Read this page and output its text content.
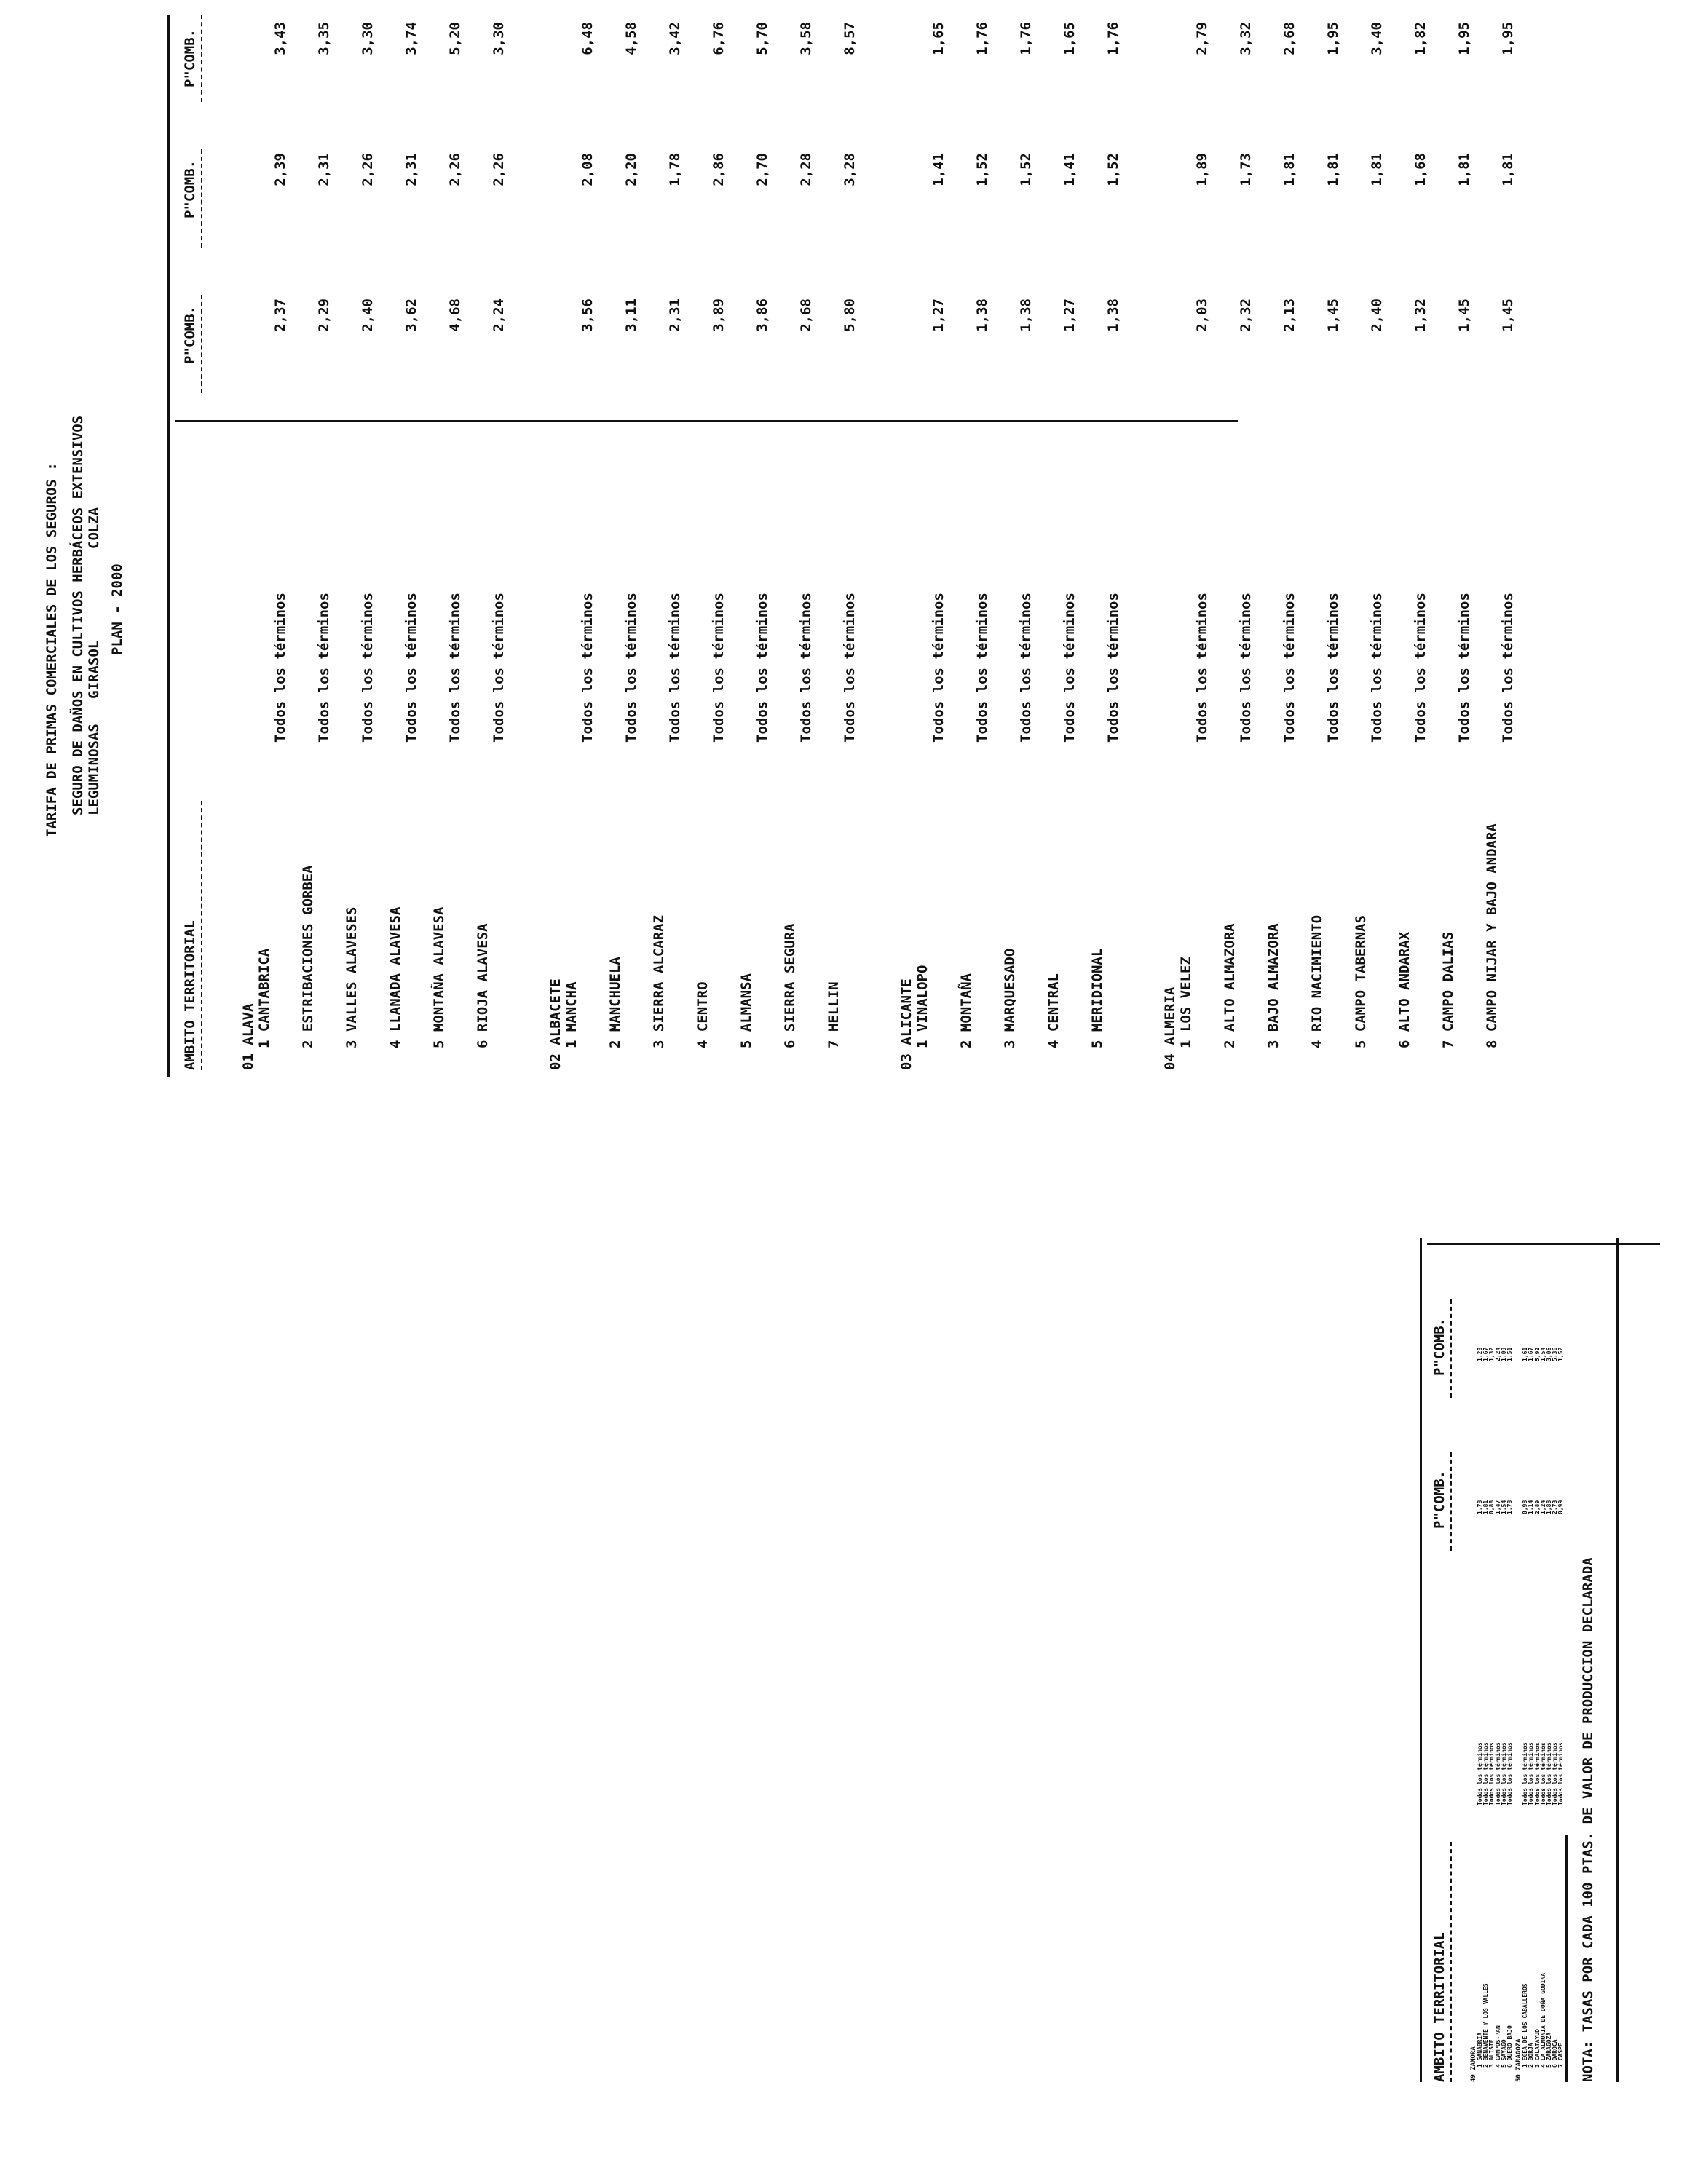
TARIFA DE PRIMAS COMERCIALES DE LOS SEGUROS : SEGURO DE DAÑOS EN CULTIVOS HERBÁCEOS EXTENSIVOS LEGUMINOSAS   GIRASOL           COLZA PLAN - 2000
AMBITO TERRITORIAL
P"COMB.
P"COMB.
P"COMB.
01 ALAVA 1 CANTABRICA
Todos los términos
2,37
2,39
3,43
2 ESTRIBACIONES GORBEA
Todos los términos
2,29
2,31
3,35
3 VALLES ALAVESES
Todos los términos
2,40
2,26
3,30
4 LLANADA ALAVESA
Todos los términos
3,62
2,31
3,74
5 MONTAÑA ALAVESA
Todos los términos
4,68
2,26
5,20
6 RIOJA ALAVESA
Todos los términos
2,24
2,26
3,30
02 ALBACETE 1 MANCHA
Todos los términos
3,56
2,08
6,48
2 MANCHUELA
Todos los términos
3,11
2,20
4,58
3 SIERRA ALCARAZ
Todos los términos
2,31
1,78
3,42
4 CENTRO
Todos los términos
3,89
2,86
6,76
5 ALMANSA
Todos los términos
3,86
2,70
5,70
6 SIERRA SEGURA
Todos los términos
2,68
2,28
3,58
7 HELLIN
Todos los términos
5,80
3,28
8,57
03 ALICANTE 1 VINALOPO
Todos los términos
1,27
1,41
1,65
2 MONTAÑA
Todos los términos
1,38
1,52
1,76
3 MARQUESADO
Todos los términos
1,38
1,52
1,76
4 CENTRAL
Todos los términos
1,27
1,41
1,65
5 MERIDIONAL
Todos los términos
1,38
1,52
1,76
04 ALMERIA 1 LOS VELEZ
Todos los términos
2,03
1,89
2,79
2 ALTO ALMAZORA
Todos los términos
2,32
1,73
3,32
3 BAJO ALMAZORA
Todos los términos
2,13
1,81
2,68
4 RIO NACIMIENTO
Todos los términos
1,45
1,81
1,95
5 CAMPO TABERNAS
Todos los términos
2,40
1,81
3,40
6 ALTO ANDARAX
Todos los términos
1,32
1,68
1,82
7 CAMPO DALIAS
Todos los términos
1,45
1,81
1,95
8 CAMPO NIJAR Y BAJO ANDARA
Todos los términos
1,45
1,81
1,95
AMBITO TERRITORIAL
P"COMB.
P"COMB.
49 ZAMORA 1 SANABRIA
Todos los términos
1,78
1,28
2 BENAVENTE Y LOS VALLES
Todos los términos
1,81
1,67
3 ALISTE
Todos los términos
0,88
1,32
4 CAMPOS-PAN
Todos los términos
1,47
2,24
5 SAYAGO
Todos los términos
1,54
1,09
6 DUERO BAJO
Todos los términos
1,78
1,51
50 ZARAGOZA 1 EGEA DE LOS CABALLEROS
Todos los términos
0,98
1,61
2 BORJA
Todos los términos
1,14
1,67
3 CALATAYUD
Todos los términos
2,89
5,92
4 LA ALMUNIA DE DOÑA GODINA
Todos los términos
1,24
1,54
5 ZARAGOZA
Todos los términos
1,88
3,06
6 DAROCA
Todos los términos
2,73
5,36
7 CASPE
Todos los términos
0,99
1,52
NOTA: TASAS POR CADA 100 PTAS. DE VALOR DE PRODUCCION DECLARADA
